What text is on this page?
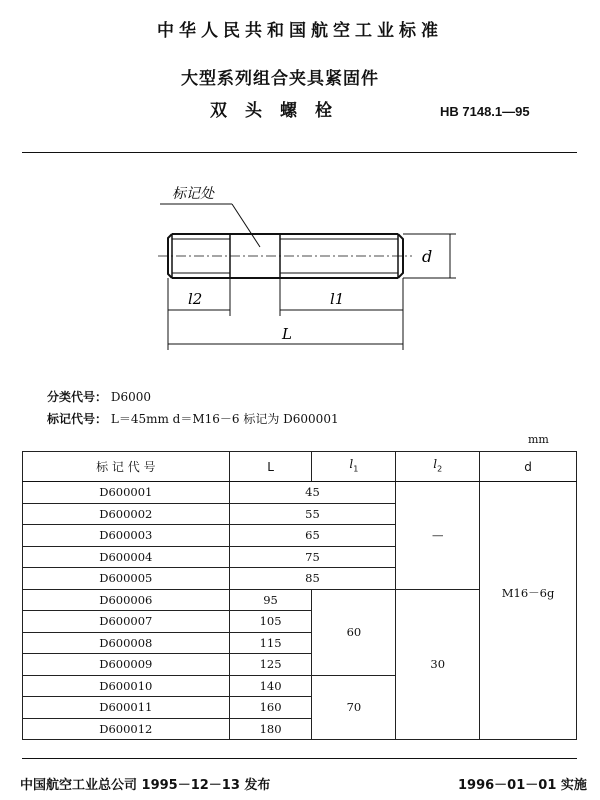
中华人民共和国航空工业标准
大型系列组合夹具紧固件
双头螺栓	HB 7148.1—95
标记处
d
l2	l1
L
分类代号： D6000
标记代号： L＝45mm d＝M16－6 标记为 D600001
mm
标 记 代 号	L	$l_1$	$l_2$	d
D600001	45		—	M16－6g

D600002	55			
D600003	65			
D600004	75			
D600005	85			
D600006	95	60	30	
D600007	105			
D600008	115			
D600009	125			
D600010	140	70		
D600011	160			
D600012	180			
中国航空工业总公司 1995－12－13 发布	1996－01－01 实施
